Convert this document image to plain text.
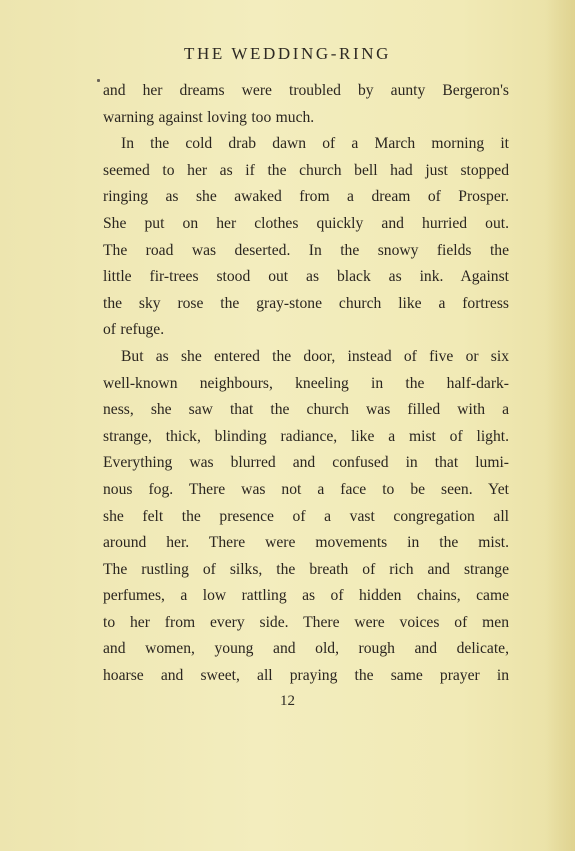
THE WEDDING-RING
and her dreams were troubled by aunty Bergeron's
warning against loving too much.
In the cold drab dawn of a March morning it
seemed to her as if the church bell had just stopped
ringing as she awaked from a dream of Prosper.
She put on her clothes quickly and hurried out.
The road was deserted. In the snowy fields the
little fir-trees stood out as black as ink. Against
the sky rose the gray-stone church like a fortress
of refuge.
But as she entered the door, instead of five or six
well-known neighbours, kneeling in the half-dark-
ness, she saw that the church was filled with a
strange, thick, blinding radiance, like a mist of light.
Everything was blurred and confused in that lumi-
nous fog. There was not a face to be seen. Yet
she felt the presence of a vast congregation all
around her. There were movements in the mist.
The rustling of silks, the breath of rich and strange
perfumes, a low rattling as of hidden chains, came
to her from every side. There were voices of men
and women, young and old, rough and delicate,
hoarse and sweet, all praying the same prayer in
12
